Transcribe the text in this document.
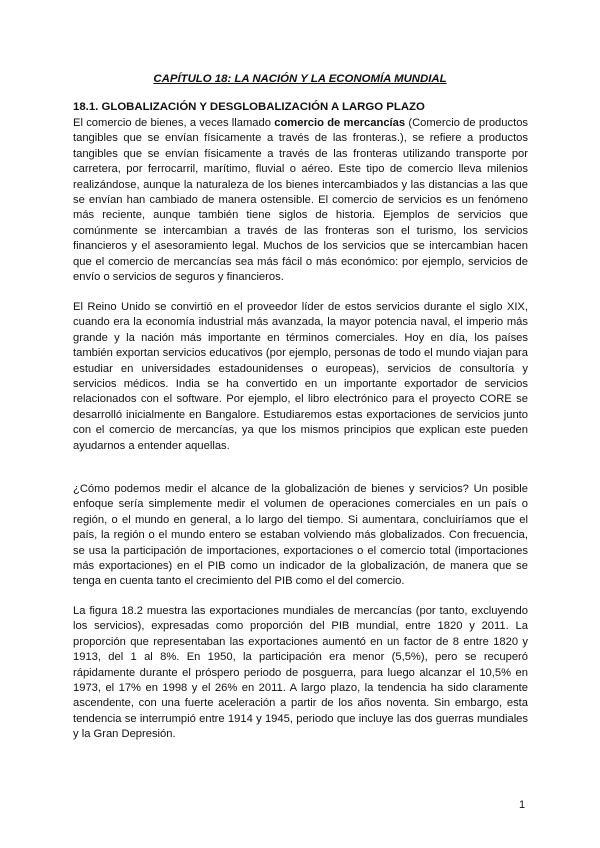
CAPÍTULO 18: LA NACIÓN Y LA ECONOMÍA MUNDIAL

18.1. GLOBALIZACIÓN Y DESGLOBALIZACIÓN A LARGO PLAZO

El comercio de bienes, a veces llamado comercio de mercancías (Comercio de productos tangibles que se envían físicamente a través de las fronteras.), se refiere a productos tangibles que se envían físicamente a través de las fronteras utilizando transporte por carretera, por ferrocarril, marítimo, fluvial o aéreo. Este tipo de comercio lleva milenios realizándose, aunque la naturaleza de los bienes intercambiados y las distancias a las que se envían han cambiado de manera ostensible. El comercio de servicios es un fenómeno más reciente, aunque también tiene siglos de historia. Ejemplos de servicios que comúnmente se intercambian a través de las fronteras son el turismo, los servicios financieros y el asesoramiento legal. Muchos de los servicios que se intercambian hacen que el comercio de mercancías sea más fácil o más económico: por ejemplo, servicios de envío o servicios de seguros y financieros.

El Reino Unido se convirtió en el proveedor líder de estos servicios durante el siglo XIX, cuando era la economía industrial más avanzada, la mayor potencia naval, el imperio más grande y la nación más importante en términos comerciales. Hoy en día, los países también exportan servicios educativos (por ejemplo, personas de todo el mundo viajan para estudiar en universidades estadounidenses o europeas), servicios de consultoría y servicios médicos. India se ha convertido en un importante exportador de servicios relacionados con el software. Por ejemplo, el libro electrónico para el proyecto CORE se desarrolló inicialmente en Bangalore. Estudiaremos estas exportaciones de servicios junto con el comercio de mercancías, ya que los mismos principios que explican este pueden ayudarnos a entender aquellas.

¿Cómo podemos medir el alcance de la globalización de bienes y servicios? Un posible enfoque sería simplemente medir el volumen de operaciones comerciales en un país o región, o el mundo en general, a lo largo del tiempo. Si aumentara, concluiríamos que el país, la región o el mundo entero se estaban volviendo más globalizados. Con frecuencia, se usa la participación de importaciones, exportaciones o el comercio total (importaciones más exportaciones) en el PIB como un indicador de la globalización, de manera que se tenga en cuenta tanto el crecimiento del PIB como el del comercio.

La figura 18.2 muestra las exportaciones mundiales de mercancías (por tanto, excluyendo los servicios), expresadas como proporción del PIB mundial, entre 1820 y 2011. La proporción que representaban las exportaciones aumentó en un factor de 8 entre 1820 y 1913, del 1 al 8%. En 1950, la participación era menor (5,5%), pero se recuperó rápidamente durante el próspero periodo de posguerra, para luego alcanzar el 10,5% en 1973, el 17% en 1998 y el 26% en 2011. A largo plazo, la tendencia ha sido claramente ascendente, con una fuerte aceleración a partir de los años noventa. Sin embargo, esta tendencia se interrumpió entre 1914 y 1945, periodo que incluye las dos guerras mundiales y la Gran Depresión.

1
